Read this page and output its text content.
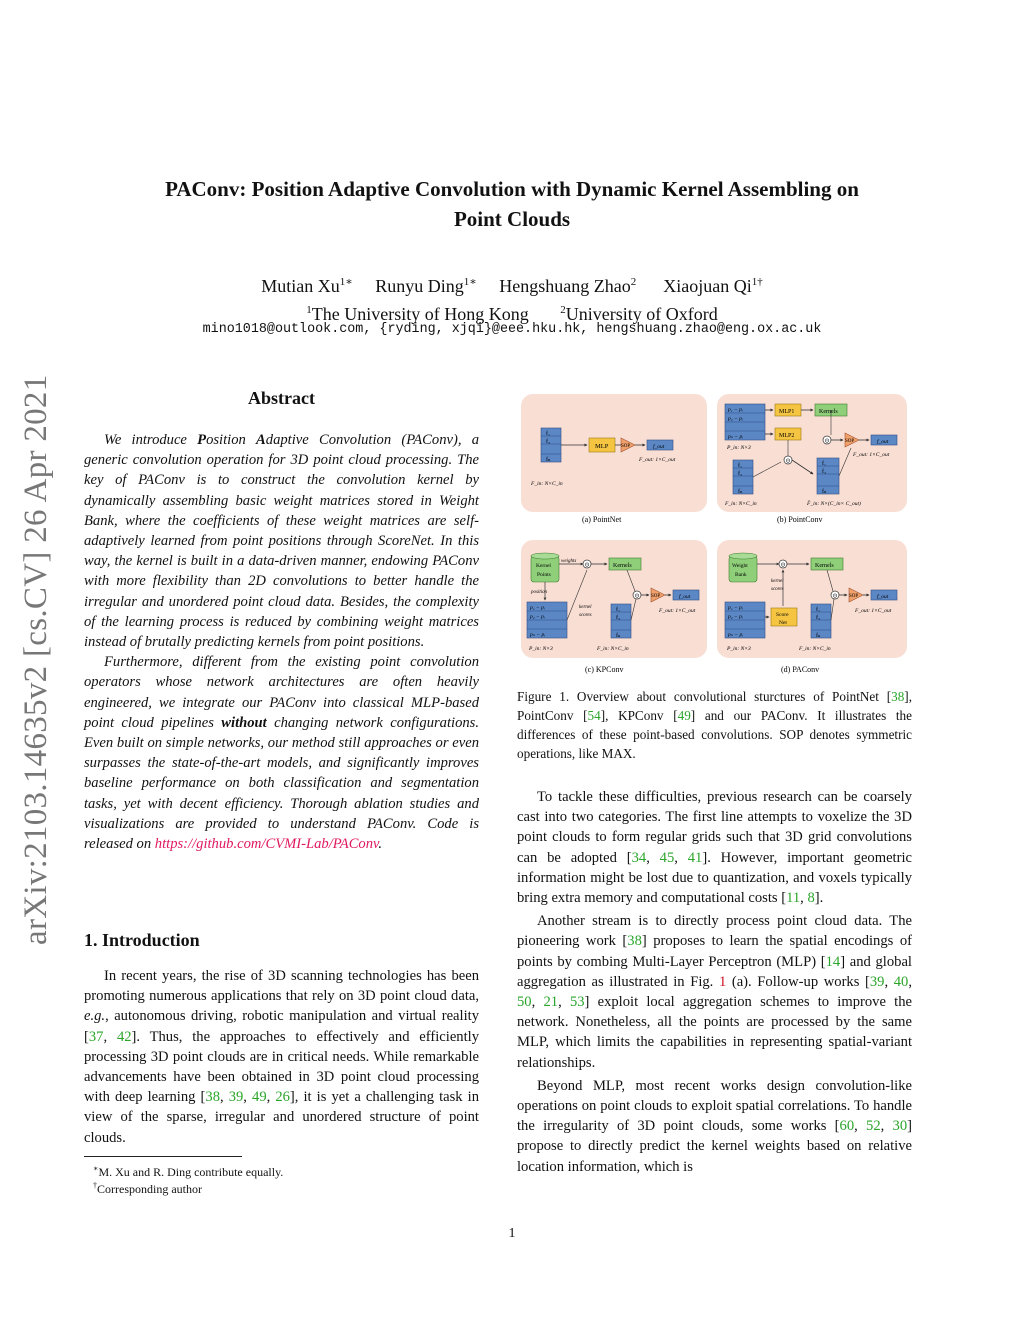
arXiv:2103.14635v2 [cs.CV] 26 Apr 2021
PAConv: Position Adaptive Convolution with Dynamic Kernel Assembling on
Point Clouds
Mutian $Xu^{1∗}$ Runyu Ding$^{1∗}$ Hengshuang Zhao$^2$ Xiaojuan $Qi^{1\dagger}$
$^1$The University of Hong Kong	$^2$University of Oxford
mino1018@outlook.com, {ryding, xjqi}@eee.hku.hk, hengshuang.zhao@eng.ox.ac.uk
Abstract

We introduce Position Adaptive Convolution (PAConv), a generic convolution operation for 3D point cloud processing. The key of PAConv is to construct the convolution kernel by dynamically assembling basic weight matrices stored in Weight Bank, where the coefficients of these weight matrices are self-adaptively learned from point positions through ScoreNet. In this way, the kernel is built in a data-driven manner, endowing PAConv with more flexibility than 2D convolutions to better handle the irregular and unordered point cloud data. Besides, the complexity of the learning process is reduced by combining weight matrices instead of brutally predicting kernels from point positions.

Furthermore, different from the existing point convolution operators whose network architectures are often heavily engineered, we integrate our PAConv into classical MLP-based point cloud pipelines without changing network configurations. Even built on simple networks, our method still approaches or even surpasses the state-of-the-art models, and significantly improves baseline performance on both classification and segmentation tasks, yet with decent efficiency. Thorough ablation studies and visualizations are provided to understand PAConv. Code is released on https://github.com/CVMI-Lab/PAConv.

1. Introduction

In recent years, the rise of 3D scanning technologies has been promoting numerous applications that rely on 3D point cloud data, e.g., autonomous driving, robotic manipulation and virtual reality [37, 42]. Thus, the approaches to effectively and efficiently processing 3D point clouds are in critical needs. While remarkable advancements have been obtained in 3D point cloud processing with deep learning [38, 39, 49, 26], it is yet a challenging task in view of the sparse, irregular and unordered structure of point clouds.

∗M. Xu and R. Ding contribute equally.
†Corresponding author
f₁
f₂
fₙ
MLP	SOP	f_out
F_out: 1×C_out
F_in: N×C_in
(a) PointNet
p₁ − pᵢ
p₂ − pᵢ
pₙ − pᵢ
P_in: N×3
MLP1	Kernels
MLP2
⊙	SOP	f_out
F_out: 1×C_out
⊙
f₁
f₂
fₙ
F_in: N×C_in
f₁
f₂
fₙ
F̂_in: N×(C_in× C_out)
(b) PointConv
Kernel
Points
weights
⊙	Kernels
position
p₁ − pᵢ
p₂ − pᵢ
pₙ − pᵢ
P_in: N×3
kernel
scores
⊙ SOP	f_out
F_out: 1×C_out
f₁
f₂
fₙ
F_in: N×C_in
(c) KPConv
Weight
Bank
⊙	Kernels
kernel
scores
Score
Net
p₁ − pᵢ
p₂ − pᵢ
pₙ − pᵢ
P_in: N×3
⊙ SOP	f_out
F_out: 1×C_out
f₁
f₂
fₙ
F_in: N×C_in
(d) PAConv
Figure 1. Overview about convolutional sturctures of PointNet [38], PointConv [54], KPConv [49] and our PAConv. It illustrates the differences of these point-based convolutions. SOP denotes symmetric operations, like MAX.

To tackle these difficulties, previous research can be coarsely cast into two categories. The first line attempts to voxelize the 3D point clouds to form regular grids such that 3D grid convolutions can be adopted [34, 45, 41]. However, important geometric information might be lost due to quantization, and voxels typically bring extra memory and computational costs [11, 8].

Another stream is to directly process point cloud data. The pioneering work [38] proposes to learn the spatial encodings of points by combing Multi-Layer Perceptron (MLP) [14] and global aggregation as illustrated in Fig. 1 (a). Follow-up works [39, 40, 50, 21, 53] exploit local aggregation schemes to improve the network. Nonetheless, all the points are processed by the same MLP, which limits the capabilities in representing spatial-variant relationships.

Beyond MLP, most recent works design convolution-like operations on point clouds to exploit spatial correlations. To handle the irregularity of 3D point clouds, some works [60, 52, 30] propose to directly predict the kernel weights based on relative location information, which is

1
